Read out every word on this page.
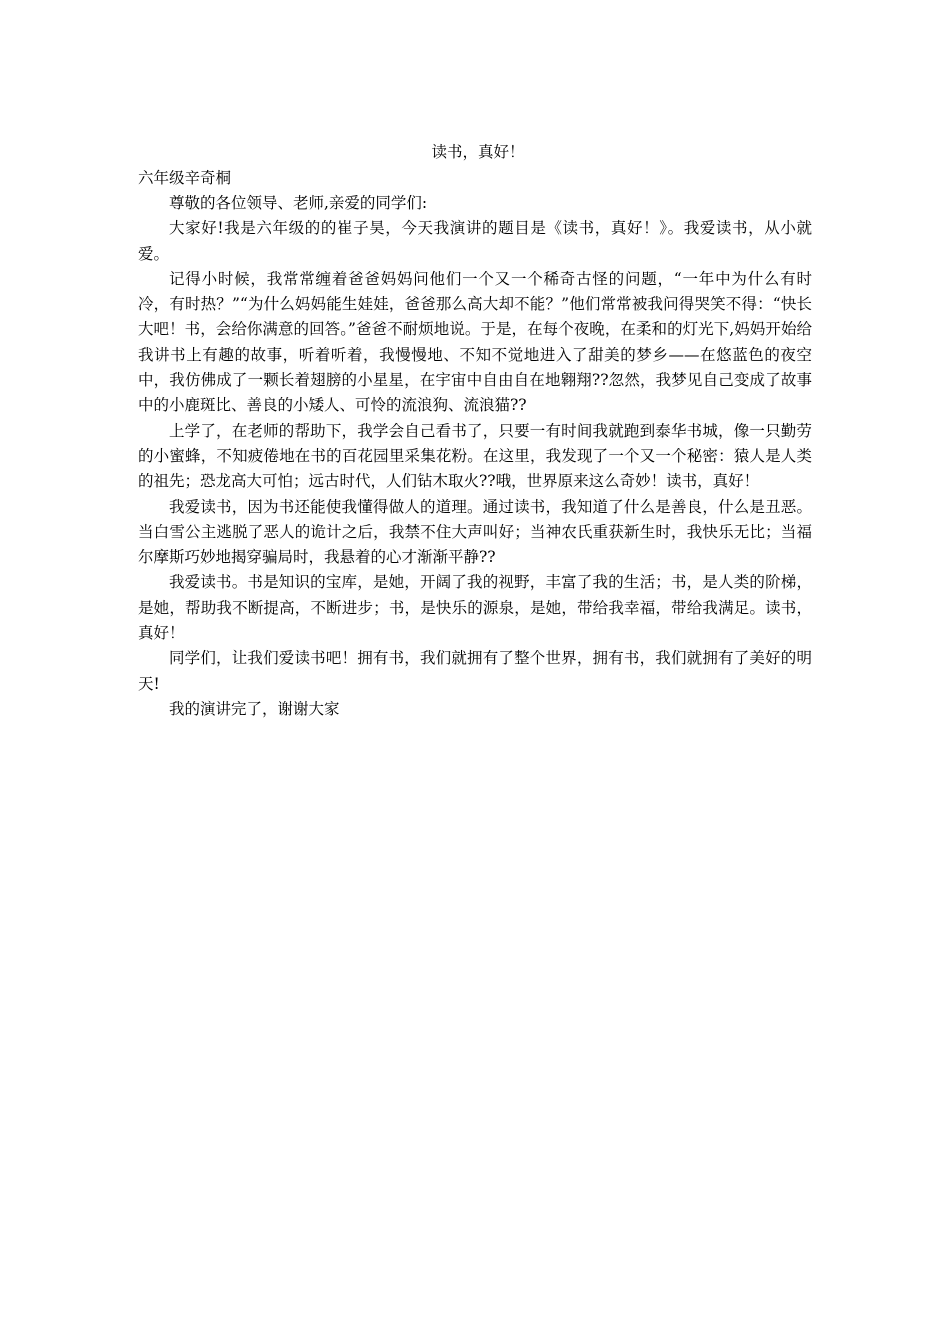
读书，真好！

六年级辛奇桐

尊敬的各位领导、老师,亲爱的同学们:

大家好!我是六年级的的崔子昊，今天我演讲的题目是《读书，真好！》。我爱读书，从小就爱。

记得小时候，我常常缠着爸爸妈妈问他们一个又一个稀奇古怪的问题，“一年中为什么有时冷，有时热？”“为什么妈妈能生娃娃，爸爸那么高大却不能？”他们常常被我问得哭笑不得：“快长大吧！书，会给你满意的回答。”爸爸不耐烦地说。于是，在每个夜晚，在柔和的灯光下,妈妈开始给我讲书上有趣的故事，听着听着，我慢慢地、不知不觉地进入了甜美的梦乡——在悠蓝色的夜空中，我仿佛成了一颗长着翅膀的小星星，在宇宙中自由自在地翱翔??忽然，我梦见自己变成了故事中的小鹿斑比、善良的小矮人、可怜的流浪狗、流浪猫??

上学了，在老师的帮助下，我学会自己看书了，只要一有时间我就跑到泰华书城，像一只勤劳的小蜜蜂，不知疲倦地在书的百花园里采集花粉。在这里，我发现了一个又一个秘密：猿人是人类的祖先；恐龙高大可怕；远古时代，人们钻木取火??哦，世界原来这么奇妙！读书，真好！

我爱读书，因为书还能使我懂得做人的道理。通过读书，我知道了什么是善良，什么是丑恶。当白雪公主逃脱了恶人的诡计之后，我禁不住大声叫好；当神农氏重获新生时，我快乐无比；当福尔摩斯巧妙地揭穿骗局时，我悬着的心才渐渐平静??

我爱读书。书是知识的宝库，是她，开阔了我的视野，丰富了我的生活；书，是人类的阶梯，是她，帮助我不断提高，不断进步；书，是快乐的源泉，是她，带给我幸福，带给我满足。读书，真好！

同学们，让我们爱读书吧！拥有书，我们就拥有了整个世界，拥有书，我们就拥有了美好的明天!

我的演讲完了，谢谢大家
